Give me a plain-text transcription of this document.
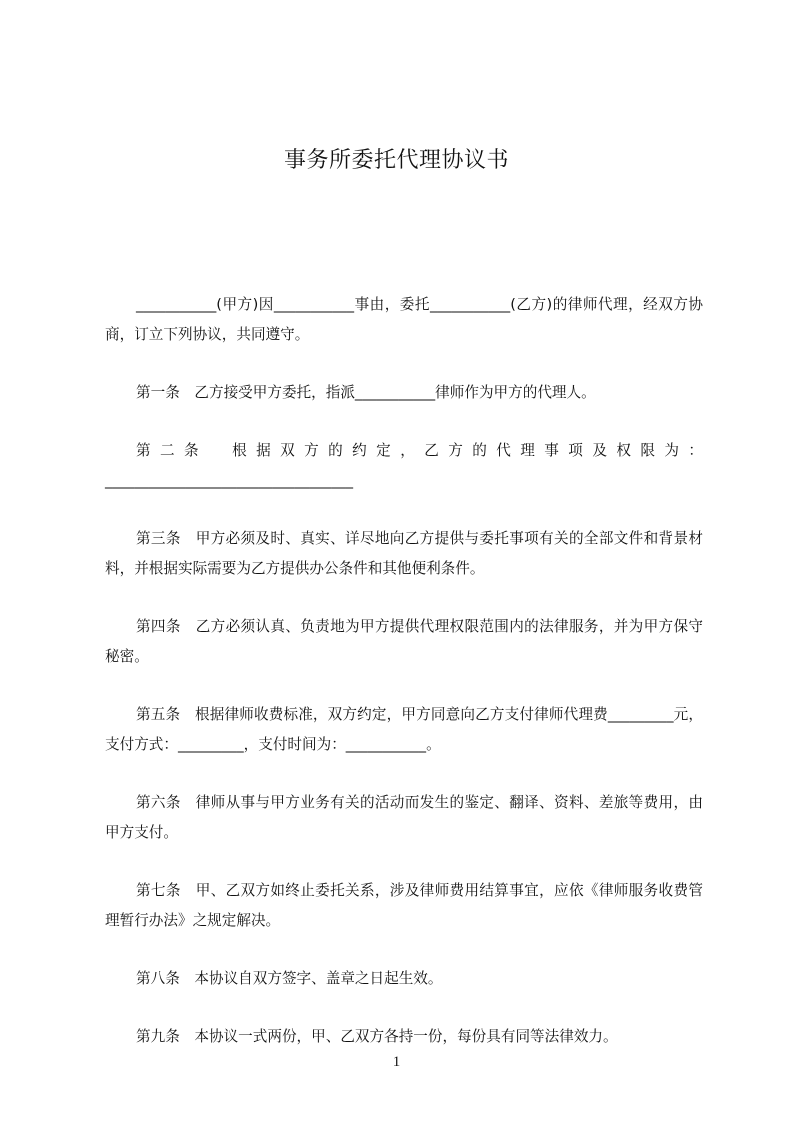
事务所委托代理协议书

___________(甲方)因___________事由，委托___________(乙方)的律师代理，经双方协商，订立下列协议，共同遵守。

第一条　乙方接受甲方委托，指派___________律师作为甲方的代理人。

第二条　根据双方的约定，乙方的代理事项及权限为：__________________________________

第三条　甲方必须及时、真实、详尽地向乙方提供与委托事项有关的全部文件和背景材料，并根据实际需要为乙方提供办公条件和其他便利条件。

第四条　乙方必须认真、负责地为甲方提供代理权限范围内的法律服务，并为甲方保守秘密。

第五条　根据律师收费标准，双方约定，甲方同意向乙方支付律师代理费_________元，支付方式：_________，支付时间为：___________。

第六条　律师从事与甲方业务有关的活动而发生的鉴定、翻译、资料、差旅等费用，由甲方支付。

第七条　甲、乙双方如终止委托关系，涉及律师费用结算事宜，应依《律师服务收费管理暂行办法》之规定解决。

第八条　本协议自双方签字、盖章之日起生效。

第九条　本协议一式两份，甲、乙双方各持一份，每份具有同等法律效力。

1
